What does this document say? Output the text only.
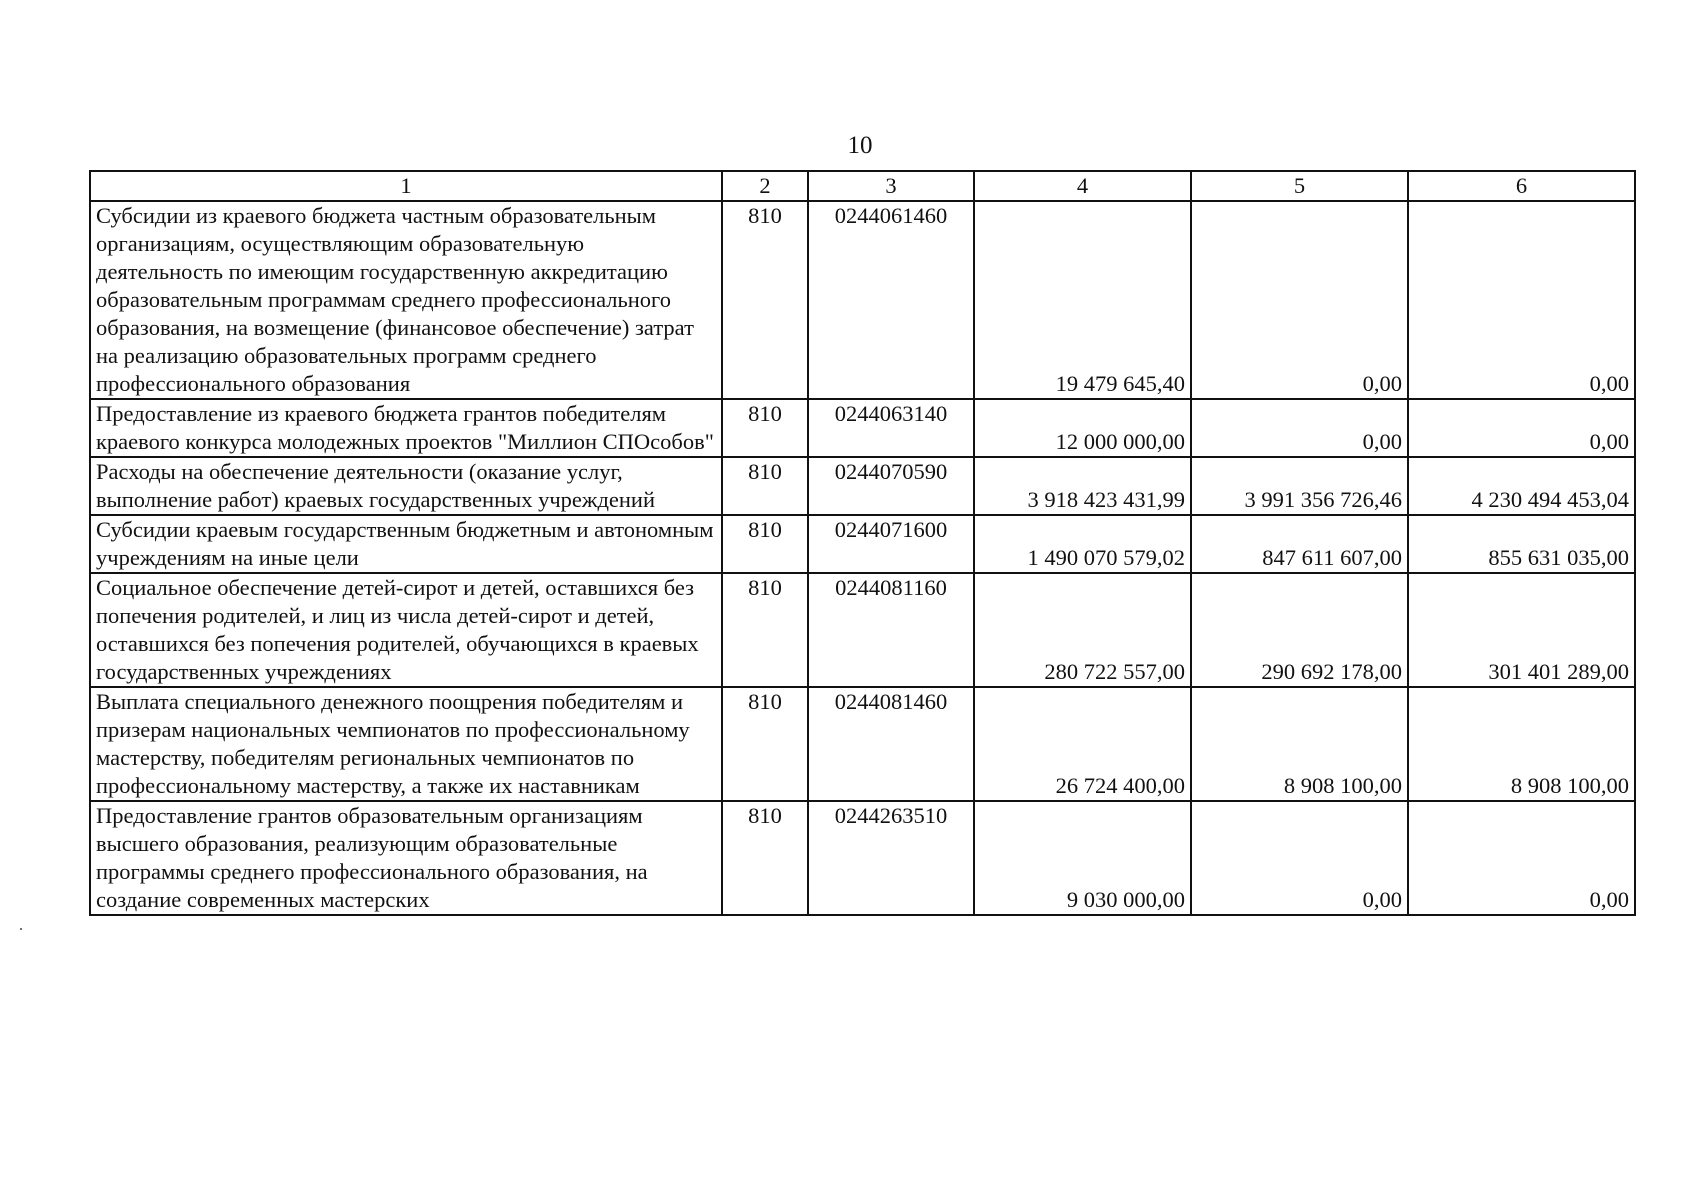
10
1	2	3	4	5	6
Субсидии из краевого бюджета частным образовательным организациям, осуществляющим образовательную деятельность по имеющим государственную аккредитацию образовательным программам среднего профессионального образования, на возмещение (финансовое обеспечение) затрат на реализацию образовательных программ среднего профессионального образования	810	0244061460	19 479 645,40	0,00	0,00
Предоставление из краевого бюджета грантов победителям краевого конкурса молодежных проектов "Миллион СПОсобов"	810	0244063140	12 000 000,00	0,00	0,00
Расходы на обеспечение деятельности (оказание услуг, выполнение работ) краевых государственных учреждений	810	0244070590	3 918 423 431,99	3 991 356 726,46	4 230 494 453,04
Субсидии краевым государственным бюджетным и автономным учреждениям на иные цели	810	0244071600	1 490 070 579,02	847 611 607,00	855 631 035,00
Социальное обеспечение детей-сирот и детей, оставшихся без попечения родителей, и лиц из числа детей-сирот и детей, оставшихся без попечения родителей, обучающихся в краевых государственных учреждениях	810	0244081160	280 722 557,00	290 692 178,00	301 401 289,00
Выплата специального денежного поощрения победителям и призерам национальных чемпионатов по профессиональному мастерству, победителям региональных чемпионатов по профессиональному мастерству, а также их наставникам	810	0244081460	26 724 400,00	8 908 100,00	8 908 100,00
Предоставление грантов образовательным организациям высшего образования, реализующим образовательные программы среднего профессионального образования, на создание современных мастерских	810	0244263510	9 030 000,00	0,00	0,00
